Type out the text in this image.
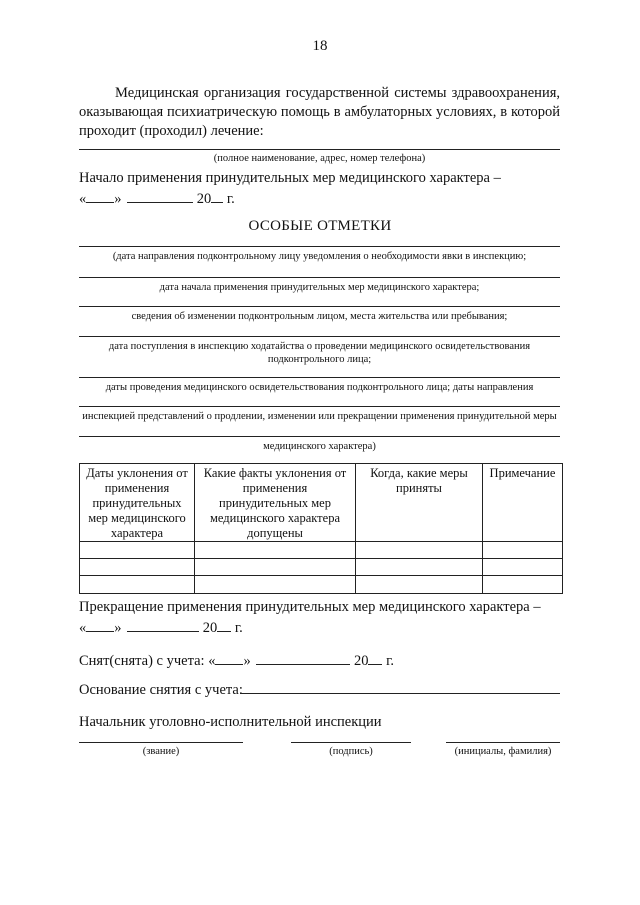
18
Медицинская организация государственной системы здравоохранения, оказывающая психиатрическую помощь в амбулаторных условиях, в которой проходит (проходил) лечение:
(полное наименование, адрес, номер телефона)
Начало применения принудительных мер медицинского характера –
« »	20 г.
ОСОБЫЕ ОТМЕТКИ
(дата направления подконтрольному лицу уведомления о необходимости явки в инспекцию;
дата начала применения принудительных мер медицинского характера;
сведения об изменении подконтрольным лицом, места жительства или пребывания;
дата поступления в инспекцию ходатайства о проведении медицинского освидетельствования
подконтрольного лица;
даты проведения медицинского освидетельствования подконтрольного лица; даты направления
инспекцией представлений о продлении, изменении или прекращении применения принудительной меры
медицинского характера)
Даты уклонения от применения принудительных мер медицинского характера	Какие факты уклонения от применения принудительных мер медицинского характера допущены	Когда, какие меры приняты	Примечание

Прекращение применения принудительных мер медицинского характера –
« »	20 г.
Снят(снята) с учета: « »	20 г.
Основание снятия с учета:
Начальник уголовно-исполнительной инспекции
(звание)	(подпись)	(инициалы, фамилия)
